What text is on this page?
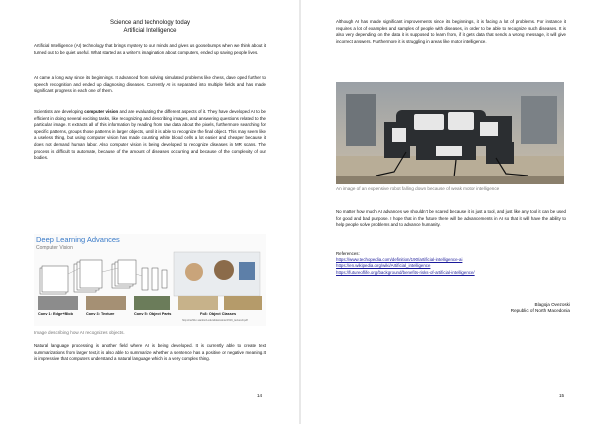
Science and technology today
Artificial Intelligence

Artificial Intelligence (AI) technology that brings mystery to our minds and gives us goosebumps when we think about it turned out to be quiet useful. What started as a writer’s imagination about computers, ended up saving people lives.

AI came a long way since its beginnings. It advanced from solving simulated problems like chess, dave oped further to speech recognition and ended up diagnosing diseases. Currently AI is separated into multiple fields and has made significant progress in each one of them.

Scientists are developing computer vision and are evaluating the different aspects of it. They have developed AI to be efficient in doing several exciting tasks, like recognizing and describing images, and answering questions related to the particular image. It extracts all of this information by reading from raw data about the pixels, furthermore searching for specific patterns, groups those patterns in larger objects, until it is able to recognize the final object. This may seem like a useless thing, but using computer vision has made counting white blood cells a lot easier and cheaper because it does not demand human labor. Also computer vision is being developed to recognize diseases in MR scans. The process is difficult to automate, because of the amount of diseases occurring and because of the complexity of our bodies.

Deep Learning Advances
Computer Vision
Conv 1: Edge+Blob	Conv 3: Texture	Conv 5: Object Parts	Fc8: Object Classes
http://cs231n.stanford.edu/slides/winter1516_lecture9.pdf
Image describing how AI recognizes objects.

Natural language processing is another field where AI is being developed. It is currently able to create text summarizations from larger text,it is also able to summarize whether a sentence has a positive or negative meaning.It is impressive that computers understand a natural language which is a very complex thing.

14

Although AI has made significant improvements since its beginnings, it is facing a lot of problems. For instance it requires a lot of examples and samples of people with diseases, in order to be able to recognize such diseases. It is also very depending on the data it is supposed to learn from, if it gets data that sends a wrong message, it will give incorrect answers. Furthermore it is struggling in areas like motor intelligence.

An image of an expensive robot falling down because of weak motor intelligence

No matter how much AI advances we shouldn’t be scared because it is just a tool, and just like any tool it can be used for good and bad purpose. I hope that in the future there will be advancements in AI so that it will have the ability to help people solve problems and to advance humanity.

References:
https://www.techopedia.com/definition/190/artificial-intelligence-ai
https://en.wikipedia.org/wiki/Artificial_intelligence
https://futureoflife.org/background/benefits-risks-of-artificial-intelligence/
Blagoja Ovezoski
Republic of North Macedonia
15
